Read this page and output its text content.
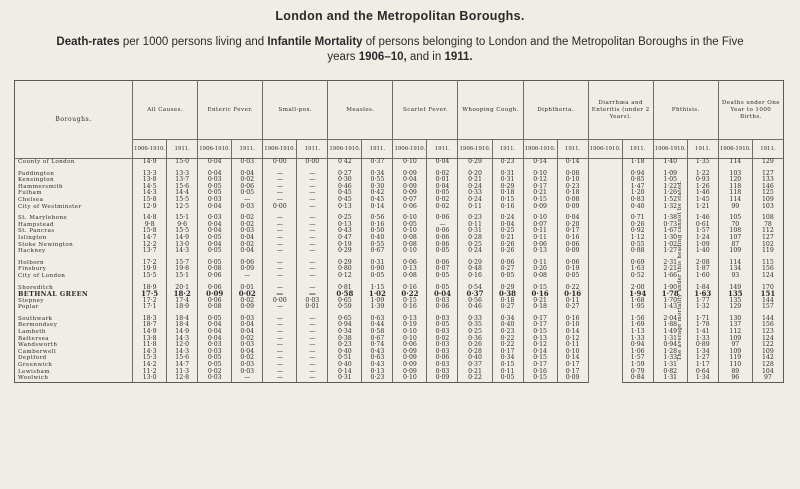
London and the Metropolitan Boroughs.
Death-rates per 1000 persons living and Infantile Mortality of persons belonging to London and the Metropolitan Boroughs in the Five years 1906–10, and in 1911.
Boroughs.	All Causes.		Enteric Fever.		Small-pox.		Measles.		Scarlet Fever.		Whooping Cough.		Diphtheria.		Diarrhœa and Enteritis (under 2 Years).		Phthisis.		Deaths under One Year to 1000 Births.	
	1906-1910.	1911.	1906-1910.	1911.	1906-1910.	1911.	1906-1910.	1911.	1906-1910.	1911.	1906-1910.	1911.	1906-1910.	1911.	1906-1910.	1911.	1906-1910.	1911.	1906-1910.	1911.
County of London	14·9	15·0	0·04	0·03	0·00	0·00	0 42	0·37	0·10	0·04	0·29	0·23	0·14	0·14	The average mortality under this heading cannot be stated.	1·18	1·40	1·35	114	129

Paddington	13·3	13·3	0·04	0·04	—	—	0·27	0·34	0·09	0·02	0·20	0·31	0·10	0·08		0·94	1·09	1·22	103	127
Kensington	13·8	13·7	0·03	0·02	—	—	0·30	0·55	0·04	0·01	0·21	0·31	0·12	0·10		0·85	1·05	0·93	120	133
Hammersmith	14·5	15·6	0·05	0·06	—	—	0·46	0·30	0·09	0·04	0·24	0·29	0·17	0·23		1·47	1·22	1·26	118	146
Fulham	14·3	14·4	0·05	0·05	—	—	0·45	0·42	0·09	0·05	0·33	0·18	0·21	0·18		1·20	1·26	1·46	118	125
Chelsea	15·8	15·5	0·03	—	—	—	0·45	0·45	0·07	0·02	0·24	0·15	0·15	0·08		0·83	1·52	1·45	114	109
City of Westminster	12·9	12·5	0·04	0·03	0·00	—	0·13	0·14	0·06	0·02	0·11	0·16	0·09	0·09		0·40	1·32	1·21	99	103

St. Marylebone	14·8	15·1	0·03	0·02	—	—	0·25	0·56	0·10	0·06	0·23	0·24	0·10	0·04		0·71	1·38	1·46	105	108
Hampstead	9·8	9·6	0·04	0·02	—	—	0·13	0·16	0·05	—	0·11	0·04	0·07	0·20		0·26	0·73	0·61	70	78
St. Pancras	15·8	15·5	0·04	0·03	—	—	0·43	0·50	0·10	0·06	0·31	0·25	0·11	0·17		0·92	1·67	1·57	108	112
Islington	14·7	14·9	0·05	0·04	—	—	0·47	0·40	0·08	0·06	0·28	0·21	0·11	0·16		1·12	1·30	1·24	107	127
Stoke Newington	12·2	13·0	0·04	0·02	—	—	0·19	0·55	0·08	0·06	0·25	0·26	0·06	0·06		0·55	1·02	1·09	87	102
Hackney	13·7	14·3	0·05	0·04	—	—	0·29	0·67	0·10	0·05	0·24	0·26	0·13	0·09		0·88	1·27	1·40	109	119

Holborn	17·2	15·7	0·05	0·06	—	—	0·29	0·31	0·06	0·06	0·29	0·06	0·11	0·06		0·69	2·31	2·08	114	115
Finsbury	19·9	19·8	0·08	0·09	—	—	0·80	0·90	0·13	0·07	0·48	0·27	0·20	0·19		1·63	2·21	1·87	134	156
City of London	15·5	15·1	0·06	—	—	—	0·12	0·05	0·08	0·05	0·16	0·05	0·08	0·05		0·52	1·66	1·60	93	124

Shoreditch	18·9	20·1	0·06	0·01	—	—	0·81	1·15	0·16	0·05	0·54	0·29	0·15	0·22		2·00	1·90	1·84	149	170
BETHNAL GREEN	17·5	18·2	0·09	0·02	—	—	0·58	1·02	0·22	0·04	0·37	0·38	0·16	0·16		1·94	1·78	1·63	135	151
Stepney	17·2	17·4	0·06	0·02	0·00	0·03	0·65	1·09	0·15	0·03	0·56	0·18	0·21	0·11		1·68	1·70	1·77	135	144
Poplar	17·1	18·9	0·08	0·09	—	0·01	0·59	1·39	0·16	0·06	0·46	0·27	0·18	0·27		1·95	1·43	1·32	129	157

Southwark	18·3	18·4	0·05	0·03	—	—	0·65	0·63	0·13	0·03	0·33	0·34	0·17	0·16		1·56	2·04	1·71	130	144
Bermondsey	18·7	18·4	0·04	0·04	—	—	0·94	0·44	0·19	0·05	0·35	0·40	0·17	0·10		1·69	1·88	1·78	137	156
Lambeth	14·9	14·9	0·04	0·04	—	—	0·34	0·58	0·10	0·03	0·25	0·23	0·15	0·14		1·13	1·49	1·41	112	123
Battersea	13·8	14·3	0·04	0·02	—	—	0·38	0·67	0·10	0·02	0·36	0·22	0·13	0·12		1·33	1·31	1·33	109	124
Wandsworth	11·8	12·0	0·03	0·03	—	—	0·23	0·74	0·06	0·03	0·26	0·22	0·12	0·11		0·94	0·94	0·89	97	122
Camberwell	14·3	14·3	0·03	0·04	—	—	0·40	0·43	0·09	0·03	0·28	0·17	0·14	0·10		1·06	1·28	1·34	109	109
Deptford	15·3	15·6	0·05	0·02	—	—	0·51	0·63	0·09	0·06	0·40	0·34	0·15	0·14		1·57	1·33	1·27	119	142
Greenwich	14·2	14·7	0·05	0·03	—	—	0·40	0·43	0·09	0·03	0·37	0·15	0·17	0·17		1·59	1·31	1·17	110	128
Lewisham	11·2	11·3	0·02	0·03	—	—	0·14	0·13	0·09	0·03	0·21	0·11	0·16	0·17		0·79	0·82	0·64	89	104
Woolwich	13·0	12·8	0·03	—	—	—	0·31	0·23	0·10	0·09	0·22	0·05	0·15	0·09		0·84	1·31	1·34	96	97
